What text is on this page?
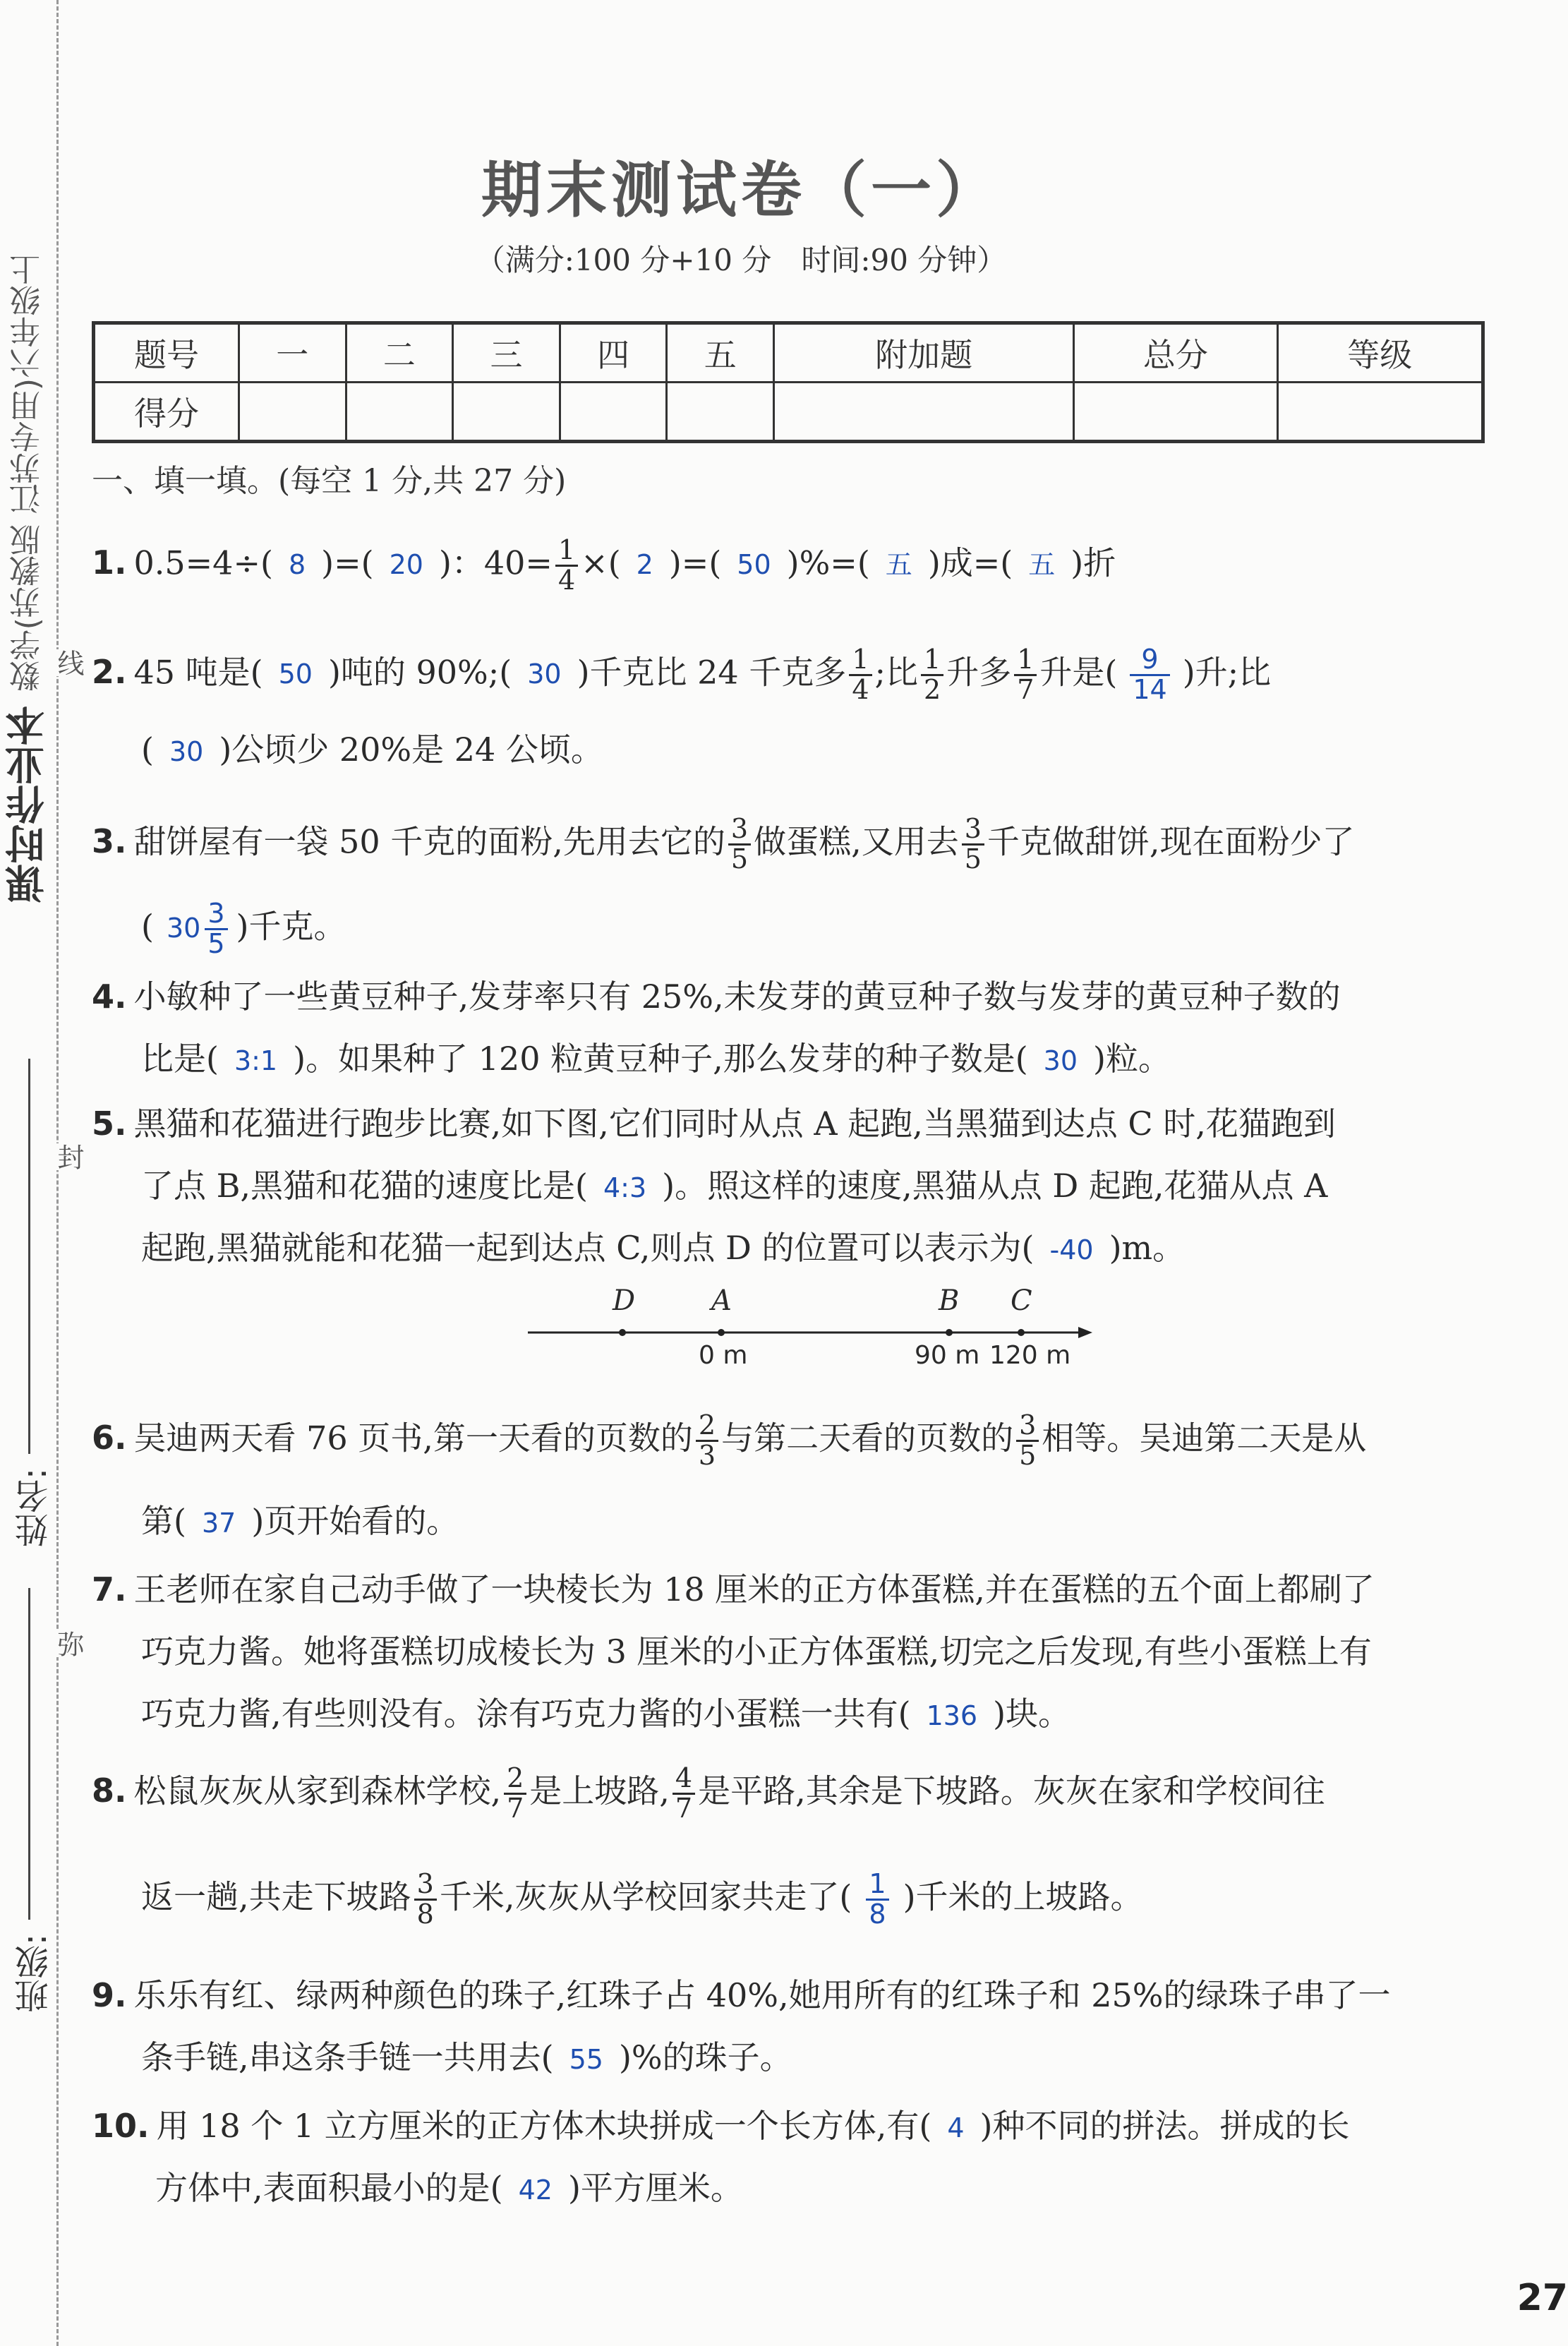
数学(苏教版 江苏专用)六年级上
课时作业本
姓名:
班级:
线
封
弥
期末测试卷（一）
（满分:100 分+10 分　时间:90 分钟）
题号	一	二	三	四	五	附加题	总分	等级
得分								
一、填一填。(每空 1 分,共 27 分)
1. 0.5=4÷( 8 )=( 20 )：$40= \frac{1}{4}$ ×( 2 )=( 50 )%=( 五 )成=( 五 )折
2. 45 吨是( 50 )吨的 90%;( 30 )千克比 24 千克多 $\frac{1}{4}$ ;比 $\frac{1}{2}$ 升多 $\frac{1}{7}$ 升是( $\frac{9}{14}$ )升;比
( 30 )公顷少 20%是 24 公顷。
3. 甜饼屋有一袋 50 千克的面粉,先用去它的 $\frac{3}{5}$ 做蛋糕,又用去 $\frac{3}{5}$ 千克做甜饼,现在面粉少了
( $30 \frac{3}{5}$ )千克。
4. 小敏种了一些黄豆种子,发芽率只有 25%,未发芽的黄豆种子数与发芽的黄豆种子数的
比是( 3:1 )。如果种了 120 粒黄豆种子,那么发芽的种子数是( 30 )粒。
5. 黑猫和花猫进行跑步比赛,如下图,它们同时从点 A 起跑,当黑猫到达点 C 时,花猫跑到
了点 B,黑猫和花猫的速度比是( 4:3 )。照这样的速度,黑猫从点 D 起跑,花猫从点 A
起跑,黑猫就能和花猫一起到达点 C,则点 D 的位置可以表示为( -40 )m。
D	A	B C
0 m	90 m 120 m
6. 吴迪两天看 76 页书,第一天看的页数的 $\frac{2}{3}$ 与第二天看的页数的 $\frac{3}{5}$ 相等。吴迪第二天是从
第( 37 )页开始看的。
7. 王老师在家自己动手做了一块棱长为 18 厘米的正方体蛋糕,并在蛋糕的五个面上都刷了
巧克力酱。她将蛋糕切成棱长为 3 厘米的小正方体蛋糕,切完之后发现,有些小蛋糕上有
巧克力酱,有些则没有。涂有巧克力酱的小蛋糕一共有( 136 )块。
8. 松鼠灰灰从家到森林学校, $\frac{2}{7}$ 是上坡路, $\frac{4}{7}$ 是平路,其余是下坡路。灰灰在家和学校间往
返一趟,共走下坡路 $\frac{3}{8}$ 千米,灰灰从学校回家共走了( $\frac{1}{8}$ )千米的上坡路。
9. 乐乐有红、绿两种颜色的珠子,红珠子占 40%,她用所有的红珠子和 25%的绿珠子串了一
条手链,串这条手链一共用去( 55 )%的珠子。
10. 用 18 个 1 立方厘米的正方体木块拼成一个长方体,有( 4 )种不同的拼法。拼成的长
方体中,表面积最小的是( 42 )平方厘米。
27
